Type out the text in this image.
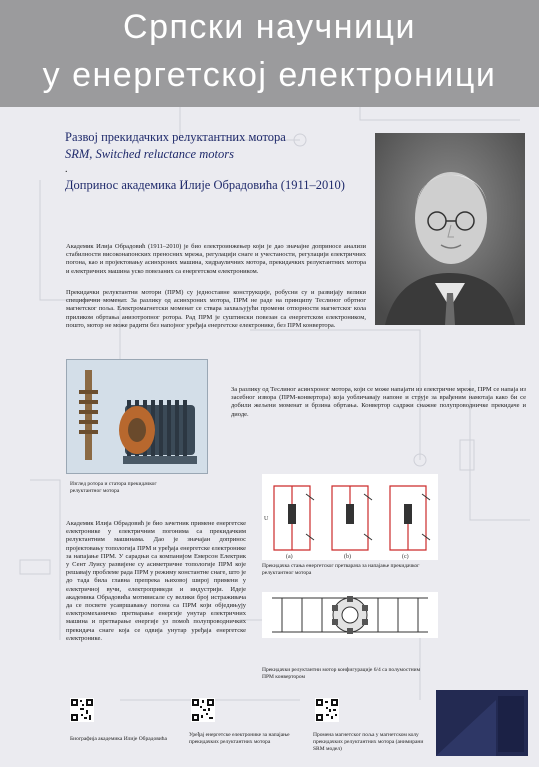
Српски научници
у енергетској електроници
Развој прекидачких релуктантних мотора
SRM, Switched reluctance motors
.
Допринос академика Илије Обрадовића (1911–2010)
Академик Илија Обрадовић (1911–2010) је био електроинжењер који је дао значајне доприносе анализи стабилности високонапонских преносних мрежа, регулацији снаге и учестаности, регулацији електричних погона, као и пројектовању асинхроних машина, хидрауличних мотора, прекидачких релуктантних мотора и електричних машина уско повезаних са енергетском електроником.
Прекидачки релуктантни мотори (ПРМ) су једноставне конструкције, робусни су и развијају велики специфични моменат. За разлику од асинхроних мотора, ПРМ не раде на принципу Теслиног обртног магнетског поља. Електромагнетски моменат се ствара захваљујући промени отпорности магнетског кола приликом обртања анизотропног ротора. Рад ПРМ је суштински повезан са енергетском електроником, пошто, мотор не може радити без напојног уређаја енергетске електронике, без ПРМ конвертора.
Изглед ротора и статора прекидачког релуктантног мотора
За разлику од Теслиног асинхроног мотора, који се може напајати из електричне мреже, ПРМ се напаја из засебног извора (ПРМ-конвертора) која уобличавају напоне и струје за врађеним намотаја како би се добили жељени моменат и брзина обртања. Конвертор садржи снажне полупроводничке прекидаче и диоде.
Академик Илија Обрадовић је био зачетник примене енергетске електронике у електричним погонима са прекидачким релуктантним машинама. Дао је значајан допринос пројектовању топологија ПРМ и уређаја енергетске електронике за напајање ПРМ. У сарадњи са компанијом Емерсон Електрик у Сент Луису развијене су асиметричне топологије ПРМ које решавају проблеме рада ПРМ у режиму константне снаге, што је до тада била главна препрека њиховој широј примени у електричној вучи, електроприведи и индустрији. Идеје академика Обрадовића мотивисале су велики број истраживача да се посвете усавршавању погона са ПРМ који обједињују електромеханичко претварање енергије унутар електричних машина и претварање енергије уз помоћ полупроводничких прекидача снаге која се одвија унутар уређаја енергетске електронике.
U
(a)	(b)	(c)
Прекидачка стања енергетског претварача за напајање прекидачког релуктантног мотора
Прекидачки релуктантни мотор конфигурације 6/4 са полумостним ПРМ конвертором
Биографија академика Илије Обрадовића
Уређај енергетске електронике за напајање прекидачких релуктантних мотора
Промена магнетског поља у магнетском колу прекидачких релуктантних мотора (анимирани SRM модел)
